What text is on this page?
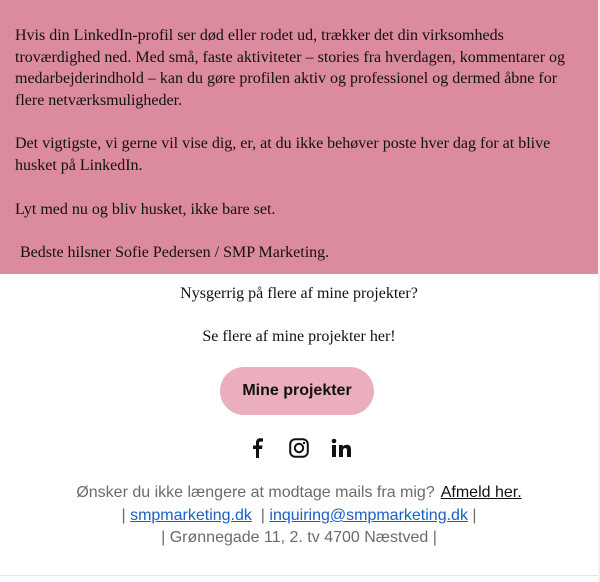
Hvis din LinkedIn-profil ser død eller rodet ud, trækker det din virksomheds troværdighed ned. Med små, faste aktiviteter – stories fra hverdagen, kommentarer og medarbejderindhold – kan du gøre profilen aktiv og professionel og dermed åbne for flere netværksmuligheder.

Det vigtigste, vi gerne vil vise dig, er, at du ikke behøver poste hver dag for at blive husket på LinkedIn.

Lyt med nu og bliv husket, ikke bare set.

Bedste hilsner Sofie Pedersen / SMP Marketing.

Nysgerrig på flere af mine projekter?
Se flere af mine projekter her!
Mine projekter
Ønsker du ikke længere at modtage mails fra mig? Afmeld her.
| smpmarketing.dk | inquiring@smpmarketing.dk |
| Grønnegade 11, 2. tv 4700 Næstved |
